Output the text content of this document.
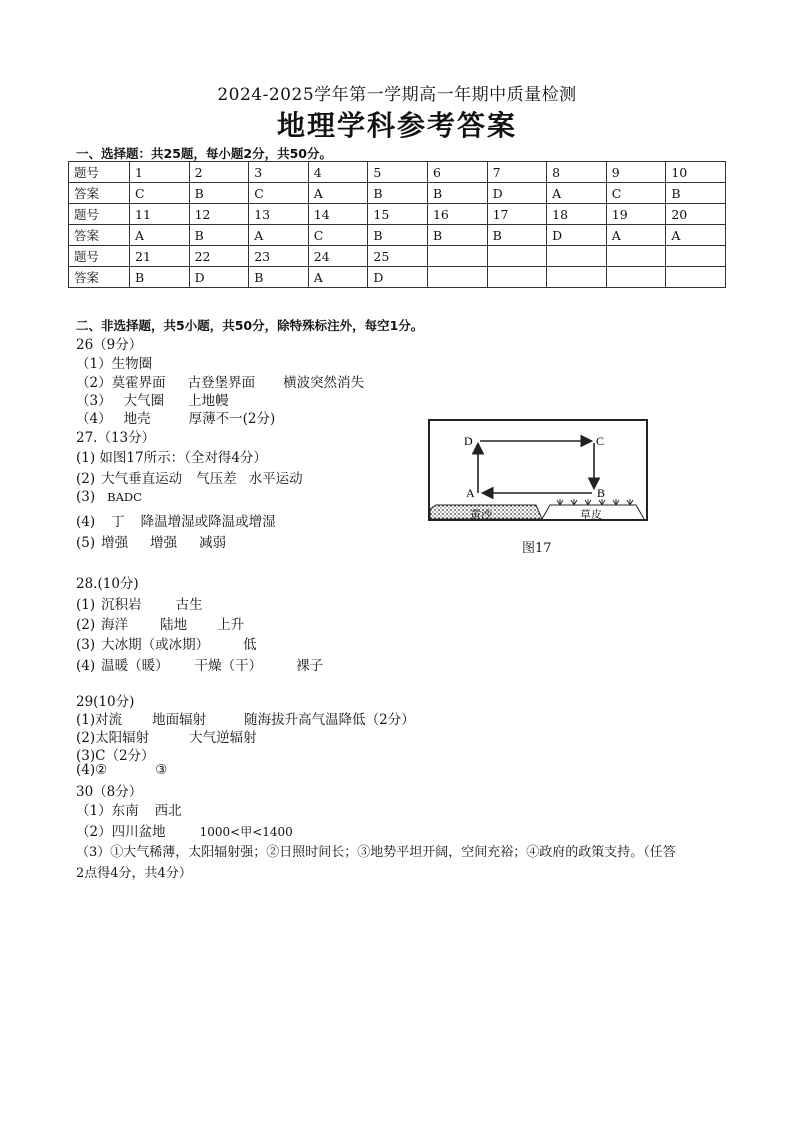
2024-2025学年第一学期高一年期中质量检测
地理学科参考答案
一、选择题：共25题，每小题2分，共50分。
题号	1	2	3	4	5	6	7	8	9	10
答案	C	B	C	A	B	B	D	A	C	B
题号	11	12	13	14	15	16	17	18	19	20
答案	A	B	A	C	B	B	B	D	A	A
题号	21	22	23	24	25					
答案	B	D	B	A	D					
二、非选择题，共5小题，共50分，除特殊标注外，每空1分。
26（9分）
（1）生物圈
（2）莫霍界面 古登堡界面 横波突然消失
（3） 大气圈 上地幔
（4） 地壳	厚薄不一(2分)
27.（13分）
(1) 如图17所示：（全对得4分）
(2) 大气垂直运动 气压差 水平运动
(3) BADC
(4) 丁 降温增湿或降温或增湿
(5) 增强 增强 减弱
D	C
A	B
黄沙	草皮
图17
28.(10分)
(1) 沉积岩	古生
(2) 海洋 陆地 上升
(3) 大冰期（或冰期）	低
(4) 温暖（暖） 干燥（干）	裸子
29(10分)
(1)对流 地面辐射	随海拔升高气温降低（2分）
(2)太阳辐射	大气逆辐射
(3)C（2分）
(4)②	③
30（8分）
（1）东南 西北
（2）四川盆地	1000<甲<1400
（3）①大气稀薄，太阳辐射强；②日照时间长；③地势平坦开阔，空间充裕；④政府的政策支持。（任答
2点得4分，共4分）
